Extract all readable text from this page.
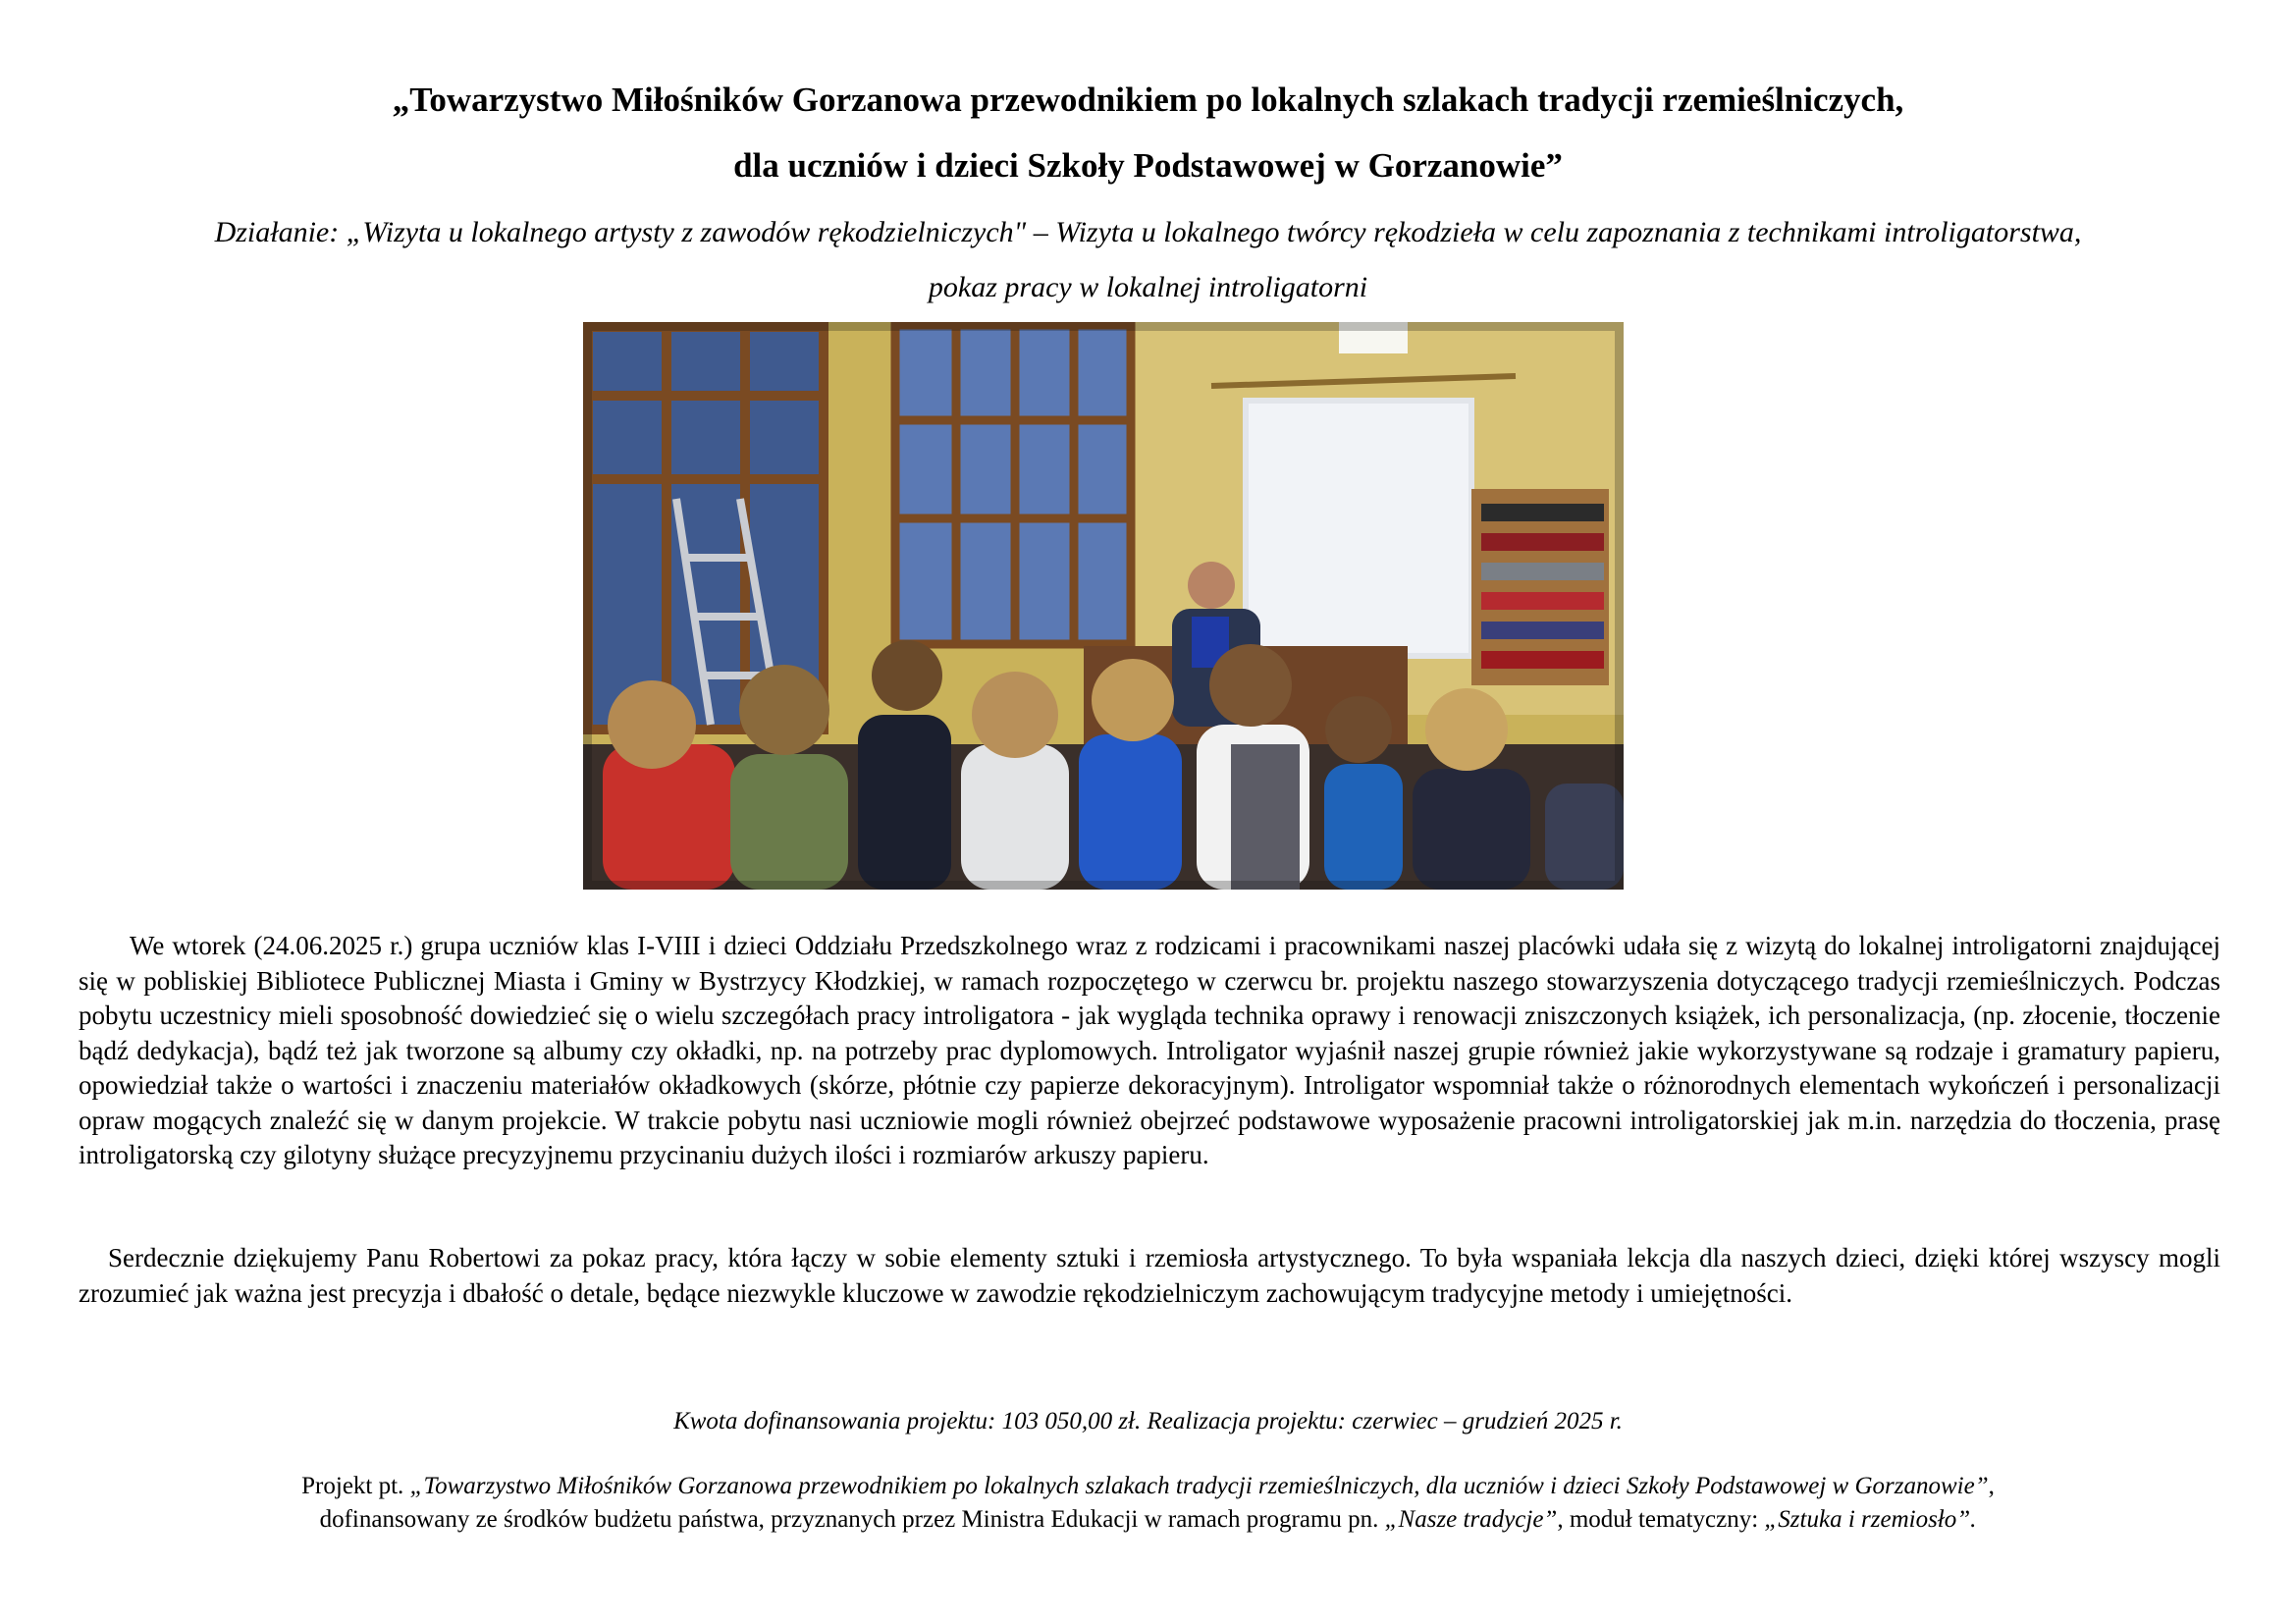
„Towarzystwo Miłośników Gorzanowa przewodnikiem po lokalnych szlakach tradycji rzemieślniczych,
dla uczniów i dzieci Szkoły Podstawowej w Gorzanowie”

Działanie: „Wizyta u lokalnego artysty z zawodów rękodzielniczych" – Wizyta u lokalnego twórcy rękodzieła w celu zapoznania z technikami introligatorstwa,

pokaz pracy w lokalnej introligatorni

We wtorek (24.06.2025 r.) grupa uczniów klas I-VIII i dzieci Oddziału Przedszkolnego wraz z rodzicami i pracownikami naszej placówki udała się z wizytą do lokalnej introligatorni znajdującej się w pobliskiej Bibliotece Publicznej Miasta i Gminy w Bystrzycy Kłodzkiej, w ramach rozpoczętego w czerwcu br. projektu naszego stowarzyszenia dotyczącego tradycji rzemieślniczych. Podczas pobytu uczestnicy mieli sposobność dowiedzieć się o wielu szczegółach pracy introligatora - jak wygląda technika oprawy i renowacji zniszczonych książek, ich personalizacja, (np. złocenie, tłoczenie bądź dedykacja), bądź też jak tworzone są albumy czy okładki, np. na potrzeby prac dyplomowych. Introligator wyjaśnił naszej grupie również jakie wykorzystywane są rodzaje i gramatury papieru, opowiedział także o wartości i znaczeniu materiałów okładkowych (skórze, płótnie czy papierze dekoracyjnym). Introligator wspomniał także o różnorodnych elementach wykończeń i personalizacji opraw mogących znaleźć się w danym projekcie. W trakcie pobytu nasi uczniowie mogli również obejrzeć podstawowe wyposażenie pracowni introligatorskiej jak m.in. narzędzia do tłoczenia, prasę introligatorską czy gilotyny służące precyzyjnemu przycinaniu dużych ilości i rozmiarów arkuszy papieru.

Serdecznie dziękujemy Panu Robertowi za pokaz pracy, która łączy w sobie elementy sztuki i rzemiosła artystycznego. To była wspaniała lekcja dla naszych dzieci, dzięki której wszyscy mogli zrozumieć jak ważna jest precyzja i dbałość o detale, będące niezwykle kluczowe w zawodzie rękodzielniczym zachowującym tradycyjne metody i umiejętności.

Kwota dofinansowania projektu: 103 050,00 zł. Realizacja projektu: czerwiec – grudzień 2025 r.

Projekt pt. „Towarzystwo Miłośników Gorzanowa przewodnikiem po lokalnych szlakach tradycji rzemieślniczych, dla uczniów i dzieci Szkoły Podstawowej w Gorzanowie”,

dofinansowany ze środków budżetu państwa, przyznanych przez Ministra Edukacji w ramach programu pn. „Nasze tradycje”, moduł tematyczny: „Sztuka i rzemiosło”.
